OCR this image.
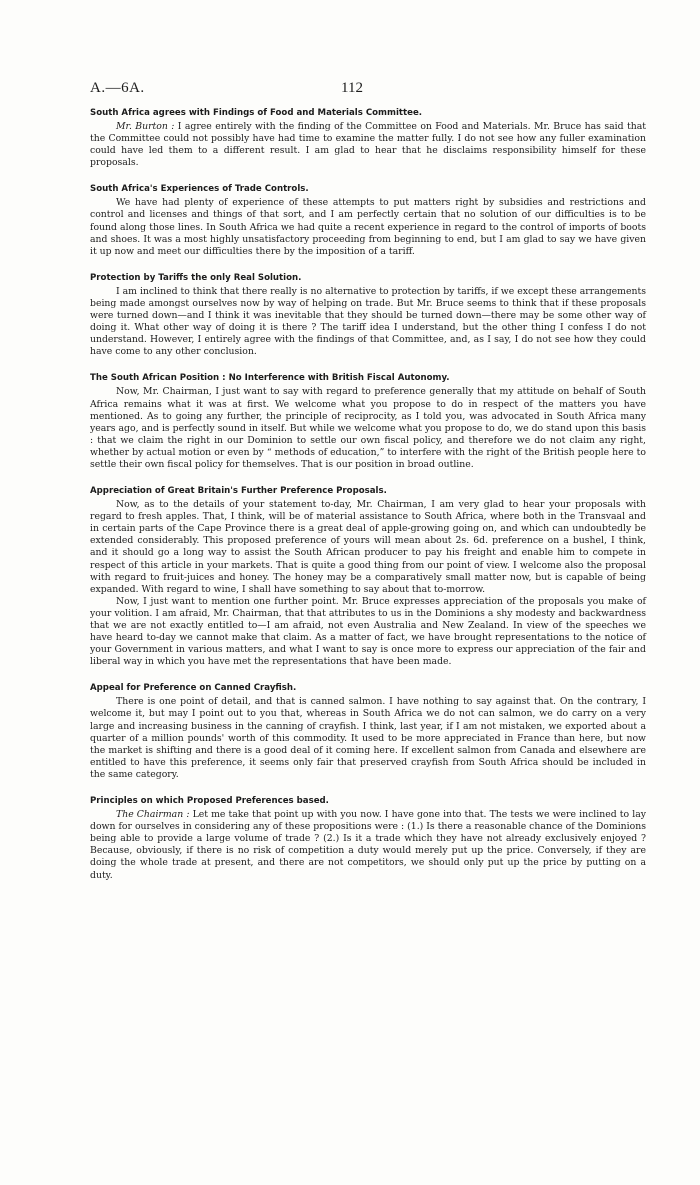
A.—6A.	112
South Africa agrees with Findings of Food and Materials Committee.

Mr. Burton : I agree entirely with the finding of the Committee on Food and Materials. Mr. Bruce has said that the Committee could not possibly have had time to examine the matter fully. I do not see how any fuller examination could have led them to a different result. I am glad to hear that he disclaims responsibility himself for these proposals.

South Africa's Experiences of Trade Controls.

We have had plenty of experience of these attempts to put matters right by subsidies and restrictions and control and licenses and things of that sort, and I am perfectly certain that no solution of our difficulties is to be found along those lines. In South Africa we had quite a recent experience in regard to the control of imports of boots and shoes. It was a most highly unsatisfactory proceeding from beginning to end, but I am glad to say we have given it up now and meet our difficulties there by the imposition of a tariff.

Protection by Tariffs the only Real Solution.

I am inclined to think that there really is no alternative to protection by tariffs, if we except these arrangements being made amongst ourselves now by way of helping on trade. But Mr. Bruce seems to think that if these proposals were turned down—and I think it was inevitable that they should be turned down—there may be some other way of doing it. What other way of doing it is there ? The tariff idea I understand, but the other thing I confess I do not understand. However, I entirely agree with the findings of that Committee, and, as I say, I do not see how they could have come to any other conclusion.

The South African Position : No Interference with British Fiscal Autonomy.

Now, Mr. Chairman, I just want to say with regard to preference generally that my attitude on behalf of South Africa remains what it was at first. We welcome what you propose to do in respect of the matters you have mentioned. As to going any further, the principle of reciprocity, as I told you, was advocated in South Africa many years ago, and is perfectly sound in itself. But while we welcome what you propose to do, we do stand upon this basis : that we claim the right in our Dominion to settle our own fiscal policy, and therefore we do not claim any right, whether by actual motion or even by “ methods of education,” to interfere with the right of the British people here to settle their own fiscal policy for themselves. That is our position in broad outline.

Appreciation of Great Britain's Further Preference Proposals.

Now, as to the details of your statement to-day, Mr. Chairman, I am very glad to hear your proposals with regard to fresh apples. That, I think, will be of material assistance to South Africa, where both in the Transvaal and in certain parts of the Cape Province there is a great deal of apple-growing going on, and which can undoubtedly be extended considerably. This proposed preference of yours will mean about 2s. 6d. preference on a bushel, I think, and it should go a long way to assist the South African producer to pay his freight and enable him to compete in respect of this article in your markets. That is quite a good thing from our point of view. I welcome also the proposal with regard to fruit-juices and honey. The honey may be a comparatively small matter now, but is capable of being expanded. With regard to wine, I shall have something to say about that to-morrow.

Now, I just want to mention one further point. Mr. Bruce expresses appreciation of the proposals you make of your volition. I am afraid, Mr. Chairman, that that attributes to us in the Dominions a shy modesty and backwardness that we are not exactly entitled to—I am afraid, not even Australia and New Zealand. In view of the speeches we have heard to-day we cannot make that claim. As a matter of fact, we have brought representations to the notice of your Government in various matters, and what I want to say is once more to express our appreciation of the fair and liberal way in which you have met the representations that have been made.

Appeal for Preference on Canned Crayfish.

There is one point of detail, and that is canned salmon. I have nothing to say against that. On the contrary, I welcome it, but may I point out to you that, whereas in South Africa we do not can salmon, we do carry on a very large and increasing business in the canning of crayfish. I think, last year, if I am not mistaken, we exported about a quarter of a million pounds' worth of this commodity. It used to be more appreciated in France than here, but now the market is shifting and there is a good deal of it coming here. If excellent salmon from Canada and elsewhere are entitled to have this preference, it seems only fair that preserved crayfish from South Africa should be included in the same category.

Principles on which Proposed Preferences based.

The Chairman : Let me take that point up with you now. I have gone into that. The tests we were inclined to lay down for ourselves in considering any of these propositions were : (1.) Is there a reasonable chance of the Dominions being able to provide a large volume of trade ? (2.) Is it a trade which they have not already exclusively enjoyed ? Because, obviously, if there is no risk of competition a duty would merely put up the price. Conversely, if they are doing the whole trade at present, and there are not competitors, we should only put up the price by putting on a duty.
